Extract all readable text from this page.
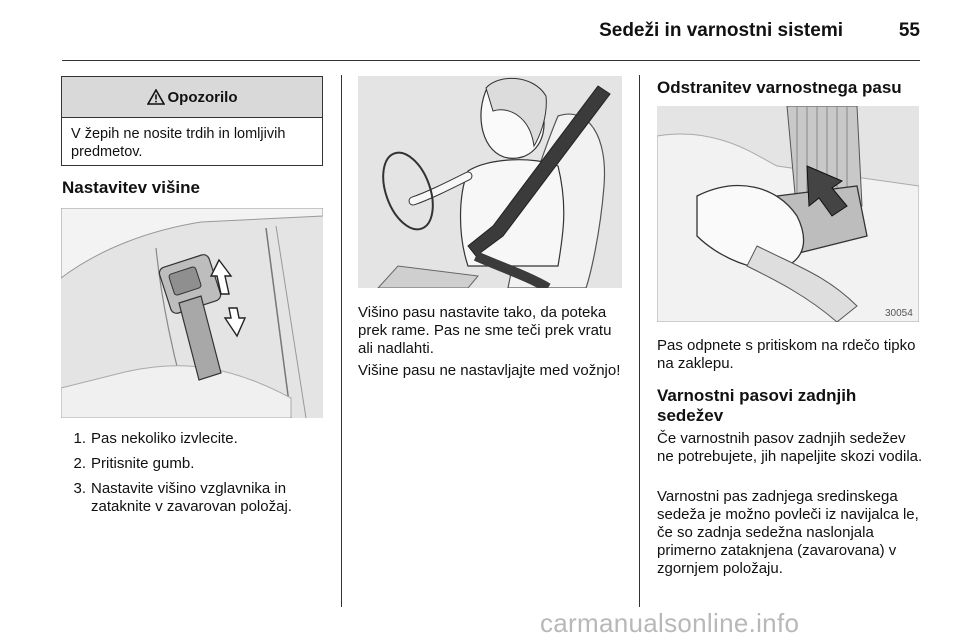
Sedeži in varnostni sistemi	55
Opozorilo
V žepih ne nosite trdih in lomljivih predmetov.
Nastavitev višine
1. Pas nekoliko izvlecite.
2. Pritisnite gumb.
3. Nastavite višino vzglavnika in zataknite v zavarovan položaj.

Višino pasu nastavite tako, da poteka prek rame. Pas ne sme teči prek vratu ali nadlahti.

Višine pasu ne nastavljajte med vožnjo!

Odstranitev varnostnega pasu
30054

Pas odpnete s pritiskom na rdečo tipko na zaklepu.

Varnostni pasovi zadnjih sedežev

Če varnostnih pasov zadnjih sedežev ne potrebujete, jih napeljite skozi vodila.

Varnostni pas zadnjega sredinskega sedeža je možno povleči iz navijalca le, če so zadnja sedežna naslonjala primerno zataknjena (zavarovana) v zgornjem položaju.

carmanualsonline.info
